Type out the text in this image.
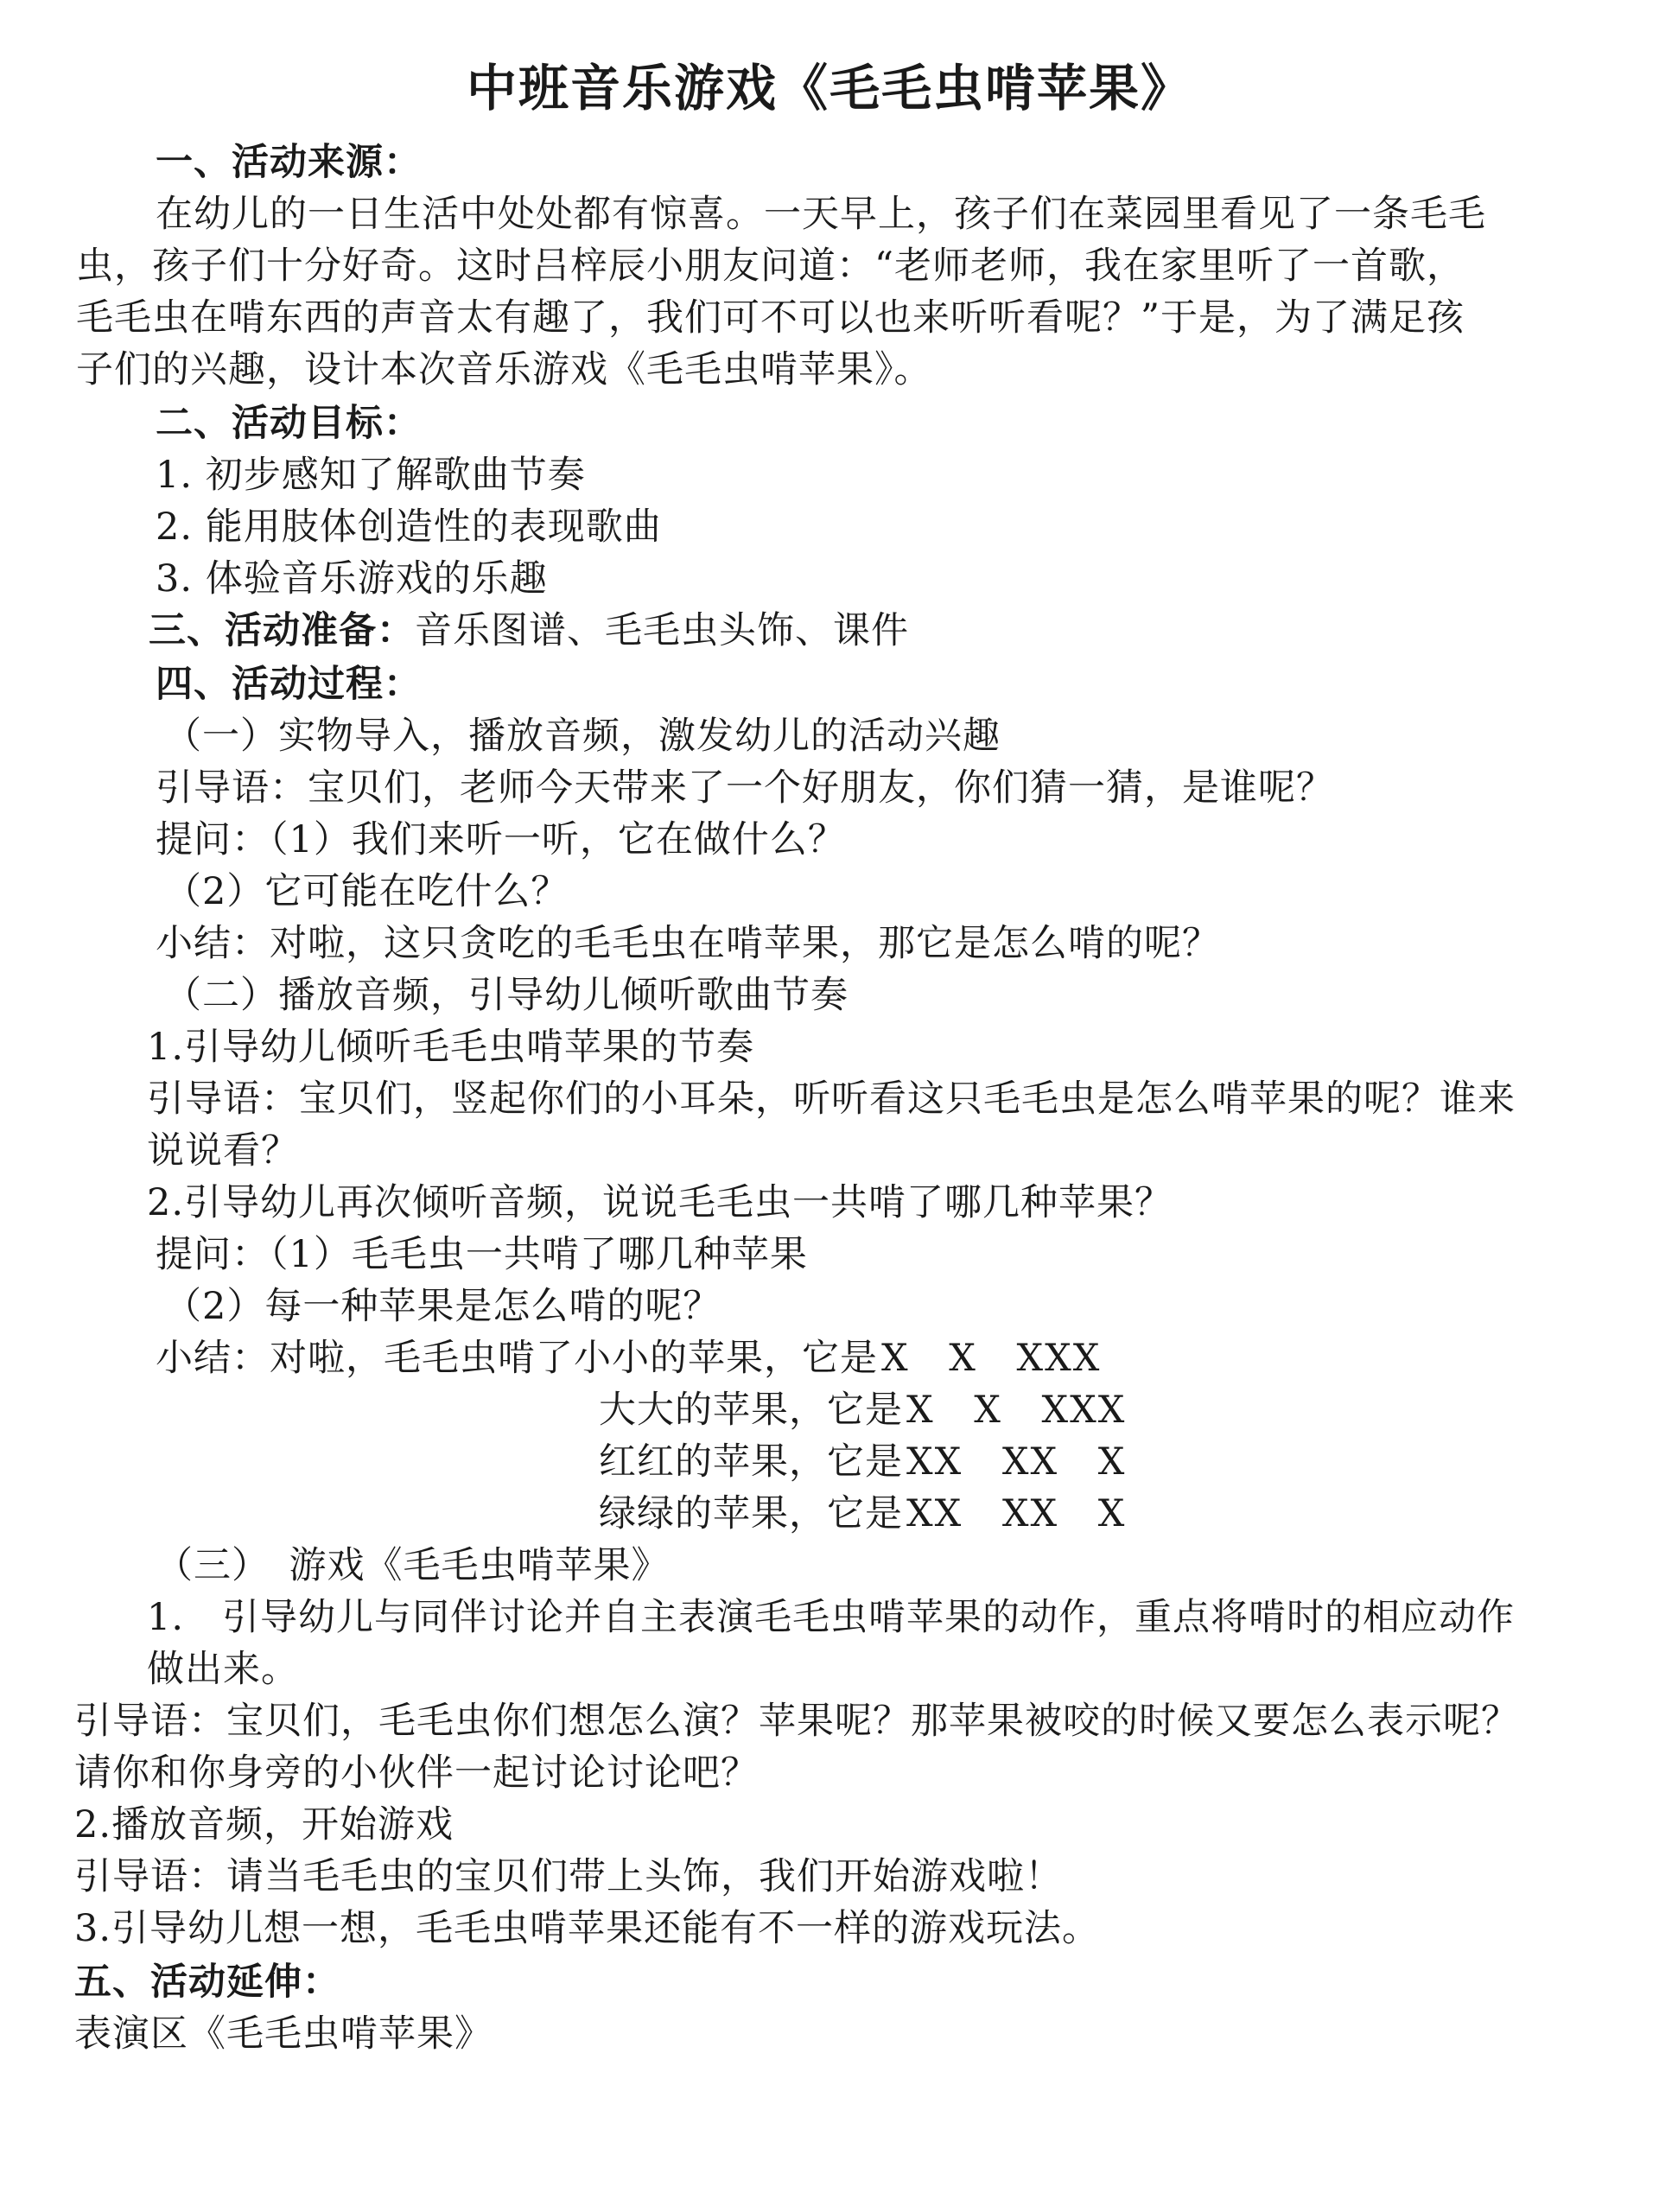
中班音乐游戏《毛毛虫啃苹果》
一、活动来源：
在幼儿的一日生活中处处都有惊喜。一天早上，孩子们在菜园里看见了一条毛毛
虫，孩子们十分好奇。这时吕梓辰小朋友问道：“老师老师，我在家里听了一首歌，
毛毛虫在啃东西的声音太有趣了，我们可不可以也来听听看呢？”于是，为了满足孩
子们的兴趣，设计本次音乐游戏《毛毛虫啃苹果》。
二、活动目标：
1. 初步感知了解歌曲节奏
2. 能用肢体创造性的表现歌曲
3. 体验音乐游戏的乐趣
三、活动准备：音乐图谱、毛毛虫头饰、课件
四、活动过程：
（一）实物导入，播放音频，激发幼儿的活动兴趣
引导语：宝贝们，老师今天带来了一个好朋友，你们猜一猜，是谁呢？
提问：（1）我们来听一听，它在做什么？
（2）它可能在吃什么？
小结：对啦，这只贪吃的毛毛虫在啃苹果，那它是怎么啃的呢？
（二）播放音频，引导幼儿倾听歌曲节奏
1.引导幼儿倾听毛毛虫啃苹果的节奏
引导语：宝贝们，竖起你们的小耳朵，听听看这只毛毛虫是怎么啃苹果的呢？谁来
说说看？
2.引导幼儿再次倾听音频，说说毛毛虫一共啃了哪几种苹果？
提问：（1）毛毛虫一共啃了哪几种苹果
（2）每一种苹果是怎么啃的呢？
小结：对啦，毛毛虫啃了小小的苹果，它是X X XXX
大大的苹果，它是X X XXX
红红的苹果，它是XX XX X
绿绿的苹果，它是XX XX X
（三）　游戏《毛毛虫啃苹果》
1.　引导幼儿与同伴讨论并自主表演毛毛虫啃苹果的动作，重点将啃时的相应动作
做出来。
引导语：宝贝们，毛毛虫你们想怎么演？苹果呢？那苹果被咬的时候又要怎么表示呢？
请你和你身旁的小伙伴一起讨论讨论吧？
2.播放音频，开始游戏
引导语：请当毛毛虫的宝贝们带上头饰，我们开始游戏啦！
3.引导幼儿想一想，毛毛虫啃苹果还能有不一样的游戏玩法。
五、活动延伸：
表演区《毛毛虫啃苹果》
